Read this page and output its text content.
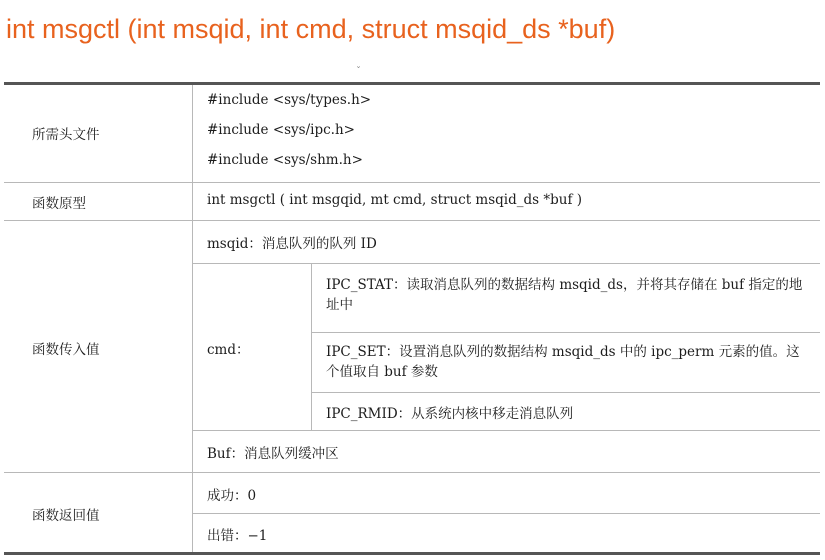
int msgctl (int msqid, int cmd, struct msqid_ds *buf)
ˇ
所需头文件
#include <sys/types.h>
#include <sys/ipc.h>
#include <sys/shm.h>
函数原型	int msgctl ( int msgqid, mt cmd, struct msqid_ds *buf )
函数传入值
msqid：消息队列的队列 ID
cmd：
IPC_STAT：读取消息队列的数据结构 msqid_ds，并将其存储在 buf 指定的地址中
IPC_SET：设置消息队列的数据结构 msqid_ds 中的 ipc_perm 元素的值。这个值取自 buf 参数
IPC_RMID：从系统内核中移走消息队列
Buf：消息队列缓冲区
函数返回值
成功：0
出错：−1
